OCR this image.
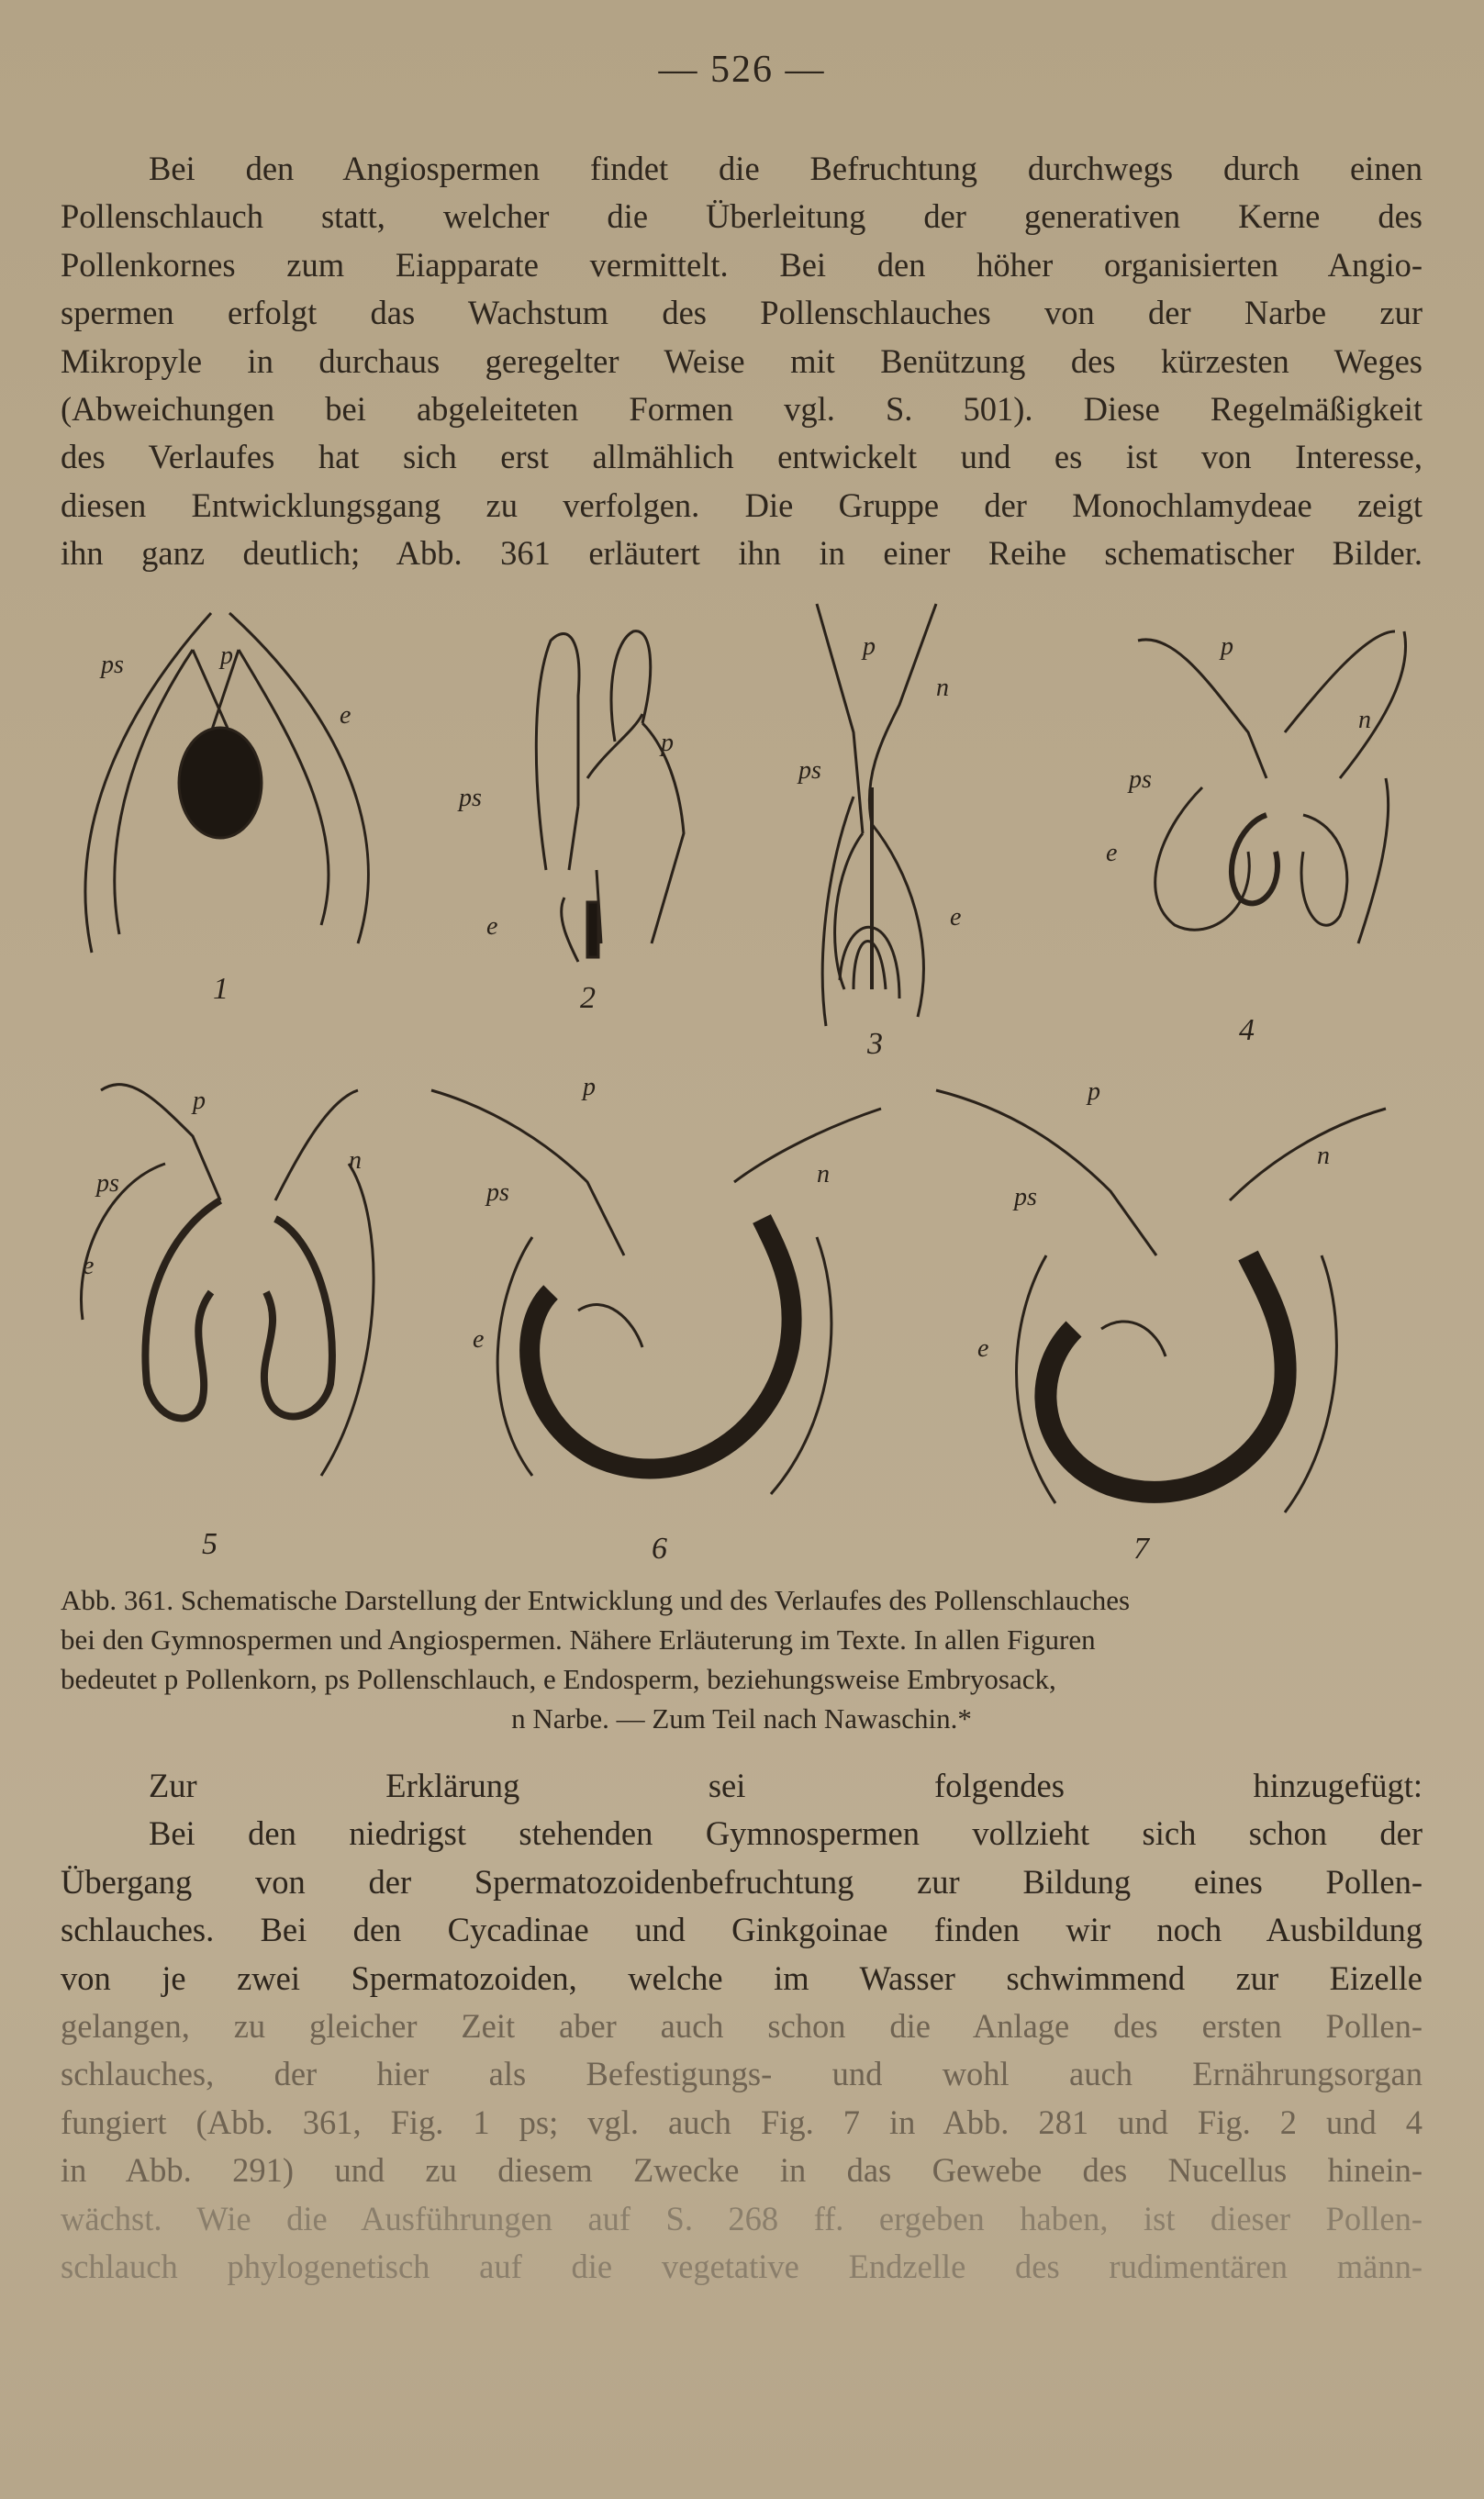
— 526 —
Bei den Angiospermen findet die Befruchtung durchwegs durch einen
Pollenschlauch statt, welcher die Überleitung der generativen Kerne des
Pollenkornes zum Eiapparate vermittelt. Bei den höher organisierten Angio-
spermen erfolgt das Wachstum des Pollenschlauches von der Narbe zur
Mikropyle in durchaus geregelter Weise mit Benützung des kürzesten Weges
(Abweichungen bei abgeleiteten Formen vgl. S. 501). Diese Regelmäßigkeit
des Verlaufes hat sich erst allmählich entwickelt und es ist von Interesse,
diesen Entwicklungsgang zu verfolgen. Die Gruppe der Monochlamydeae zeigt
ihn ganz deutlich; Abb. 361 erläutert ihn in einer Reihe schematischer Bilder.
ps	p
e
ps
p
e
ps
p
n
e
ps
p
n
e
ps
p
n
e
ps
p
n
e
ps
p
n
e
1	2
3	4
5	6	7
Abb. 361. Schematische Darstellung der Entwicklung und des Verlaufes des Pollenschlauches
bei den Gymnospermen und Angiospermen. Nähere Erläuterung im Texte. In allen Figuren
bedeutet p Pollenkorn, ps Pollenschlauch, e Endosperm, beziehungsweise Embryosack,
n Narbe. — Zum Teil nach Nawaschin.*
Zur Erklärung sei folgendes hinzugefügt:
Bei den niedrigst stehenden Gymnospermen vollzieht sich schon der
Übergang von der Spermatozoidenbefruchtung zur Bildung eines Pollen-
schlauches. Bei den Cycadinae und Ginkgoinae finden wir noch Ausbildung
von je zwei Spermatozoiden, welche im Wasser schwimmend zur Eizelle
gelangen, zu gleicher Zeit aber auch schon die Anlage des ersten Pollen-
schlauches, der hier als Befestigungs- und wohl auch Ernährungsorgan
fungiert (Abb. 361, Fig. 1 ps; vgl. auch Fig. 7 in Abb. 281 und Fig. 2 und 4
in Abb. 291) und zu diesem Zwecke in das Gewebe des Nucellus hinein-
wächst. Wie die Ausführungen auf S. 268 ff. ergeben haben, ist dieser Pollen-
schlauch phylogenetisch auf die vegetative Endzelle des rudimentären männ-
